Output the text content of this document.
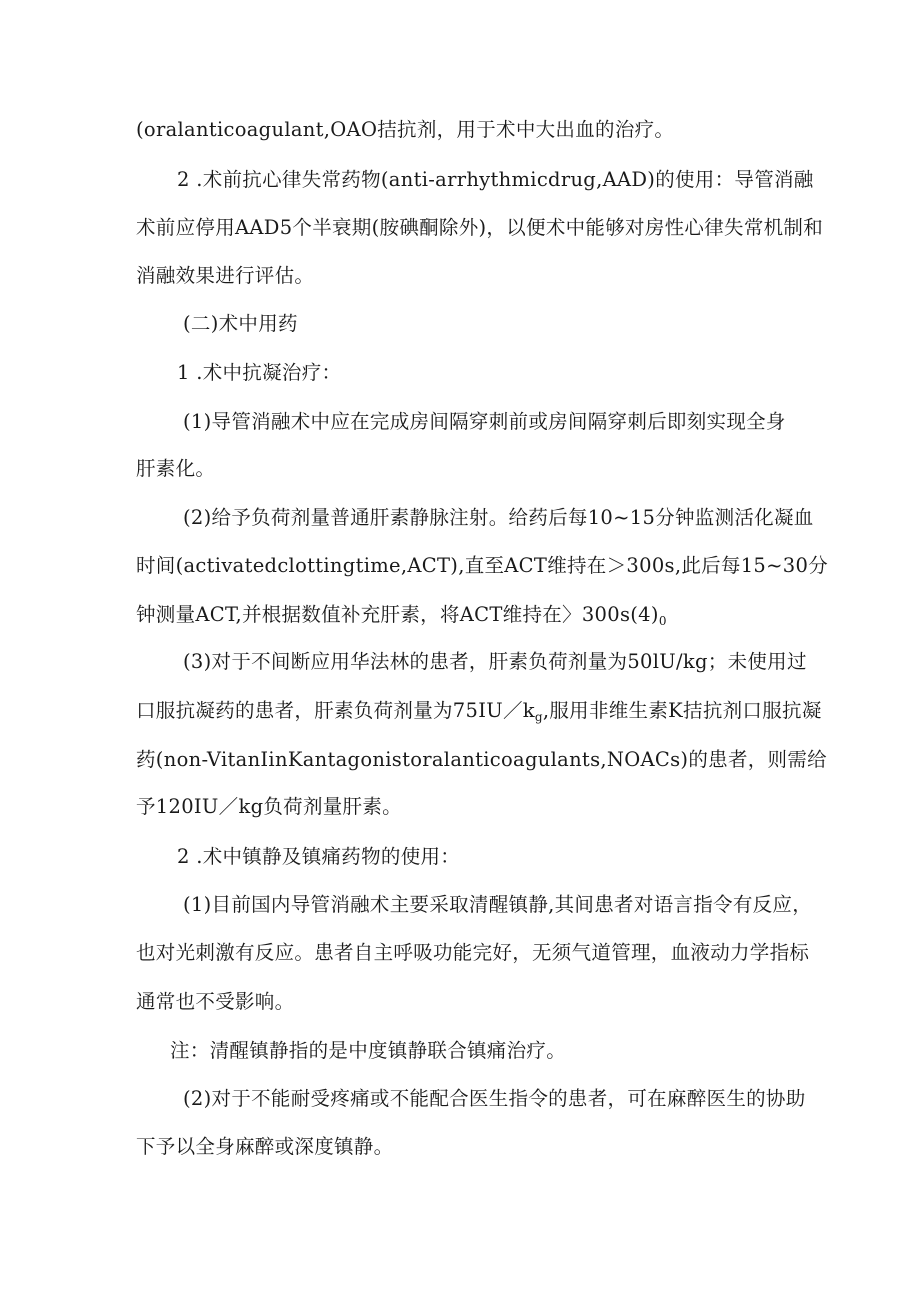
(oralanticoagulant,OAO拮抗剂，用于术中大出血的治疗。
2 .术前抗心律失常药物(anti-arrhythmicdrug,AAD)的使用：导管消融
术前应停用AAD5个半衰期(胺碘酮除外)，以便术中能够对房性心律失常机制和
消融效果进行评估。
(二)术中用药
1 .术中抗凝治疗：
(1)导管消融术中应在完成房间隔穿刺前或房间隔穿刺后即刻实现全身
肝素化。
(2)给予负荷剂量普通肝素静脉注射。给药后每10~15分钟监测活化凝血
时间(activatedclottingtime,ACT),直至ACT维持在＞300s,此后每15~30分
钟测量ACT,并根据数值补充肝素，将ACT维持在〉$300s(4)_0$
(3)对于不间断应用华法林的患者，肝素负荷剂量为50lU/kg；未使用过
口服抗凝药的患者，肝素负荷剂量为$75IU/k_g$,服用非维生素K拮抗剂口服抗凝
药(non-VitanIinKantagonistoralanticoagulants,NOACs)的患者，则需给
予120IU／kg负荷剂量肝素。
2 .术中镇静及镇痛药物的使用：
(1)目前国内导管消融术主要采取清醒镇静,其间患者对语言指令有反应，
也对光刺激有反应。患者自主呼吸功能完好，无须气道管理，血液动力学指标
通常也不受影响。
注：清醒镇静指的是中度镇静联合镇痛治疗。
(2)对于不能耐受疼痛或不能配合医生指令的患者，可在麻醉医生的协助
下予以全身麻醉或深度镇静。
